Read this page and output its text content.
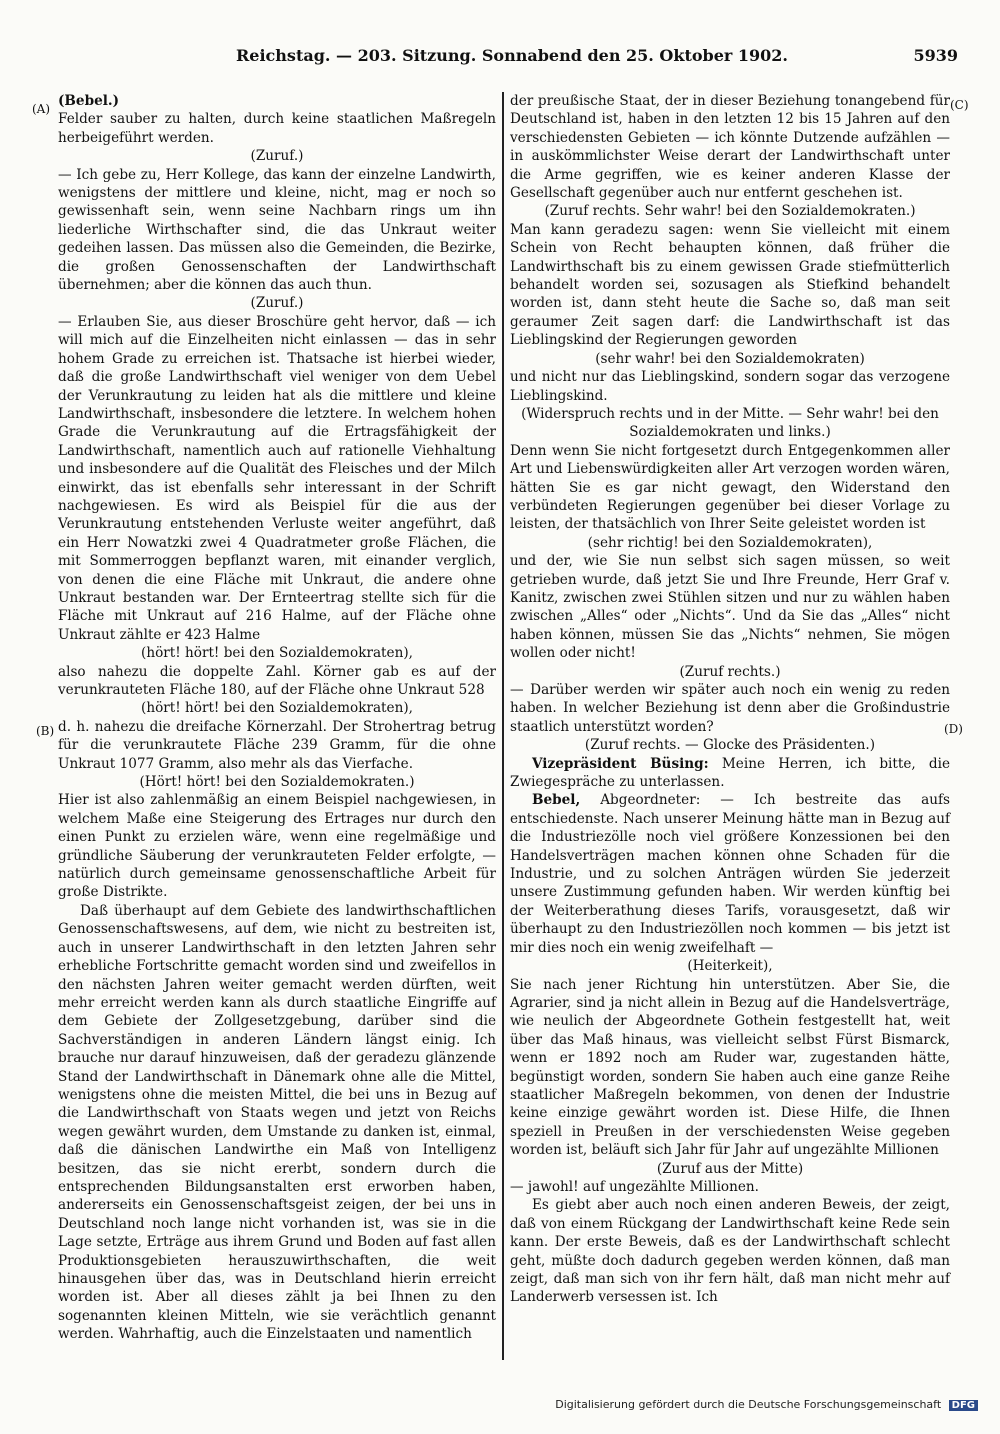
Reichstag. — 203. Sitzung. Sonnabend den 25. Oktober 1902.	5939
(A)
(B)
(C)
(D)

(Bebel.)

Felder sauber zu halten, durch keine staatlichen Maßregeln herbeigeführt werden.

(Zuruf.)

— Ich gebe zu, Herr Kollege, das kann der einzelne Landwirth, wenigstens der mittlere und kleine, nicht, mag er noch so gewissenhaft sein, wenn seine Nachbarn rings um ihn liederliche Wirthschafter sind, die das Unkraut weiter gedeihen lassen. Das müssen also die Gemeinden, die Bezirke, die großen Genossenschaften der Landwirthschaft übernehmen; aber die können das auch thun.

(Zuruf.)

— Erlauben Sie, aus dieser Broschüre geht hervor, daß — ich will mich auf die Einzelheiten nicht einlassen — das in sehr hohem Grade zu erreichen ist. Thatsache ist hierbei wieder, daß die große Landwirthschaft viel weniger von dem Uebel der Verunkrautung zu leiden hat als die mittlere und kleine Landwirthschaft, insbesondere die letztere. In welchem hohen Grade die Verunkrautung auf die Ertragsfähigkeit der Landwirthschaft, namentlich auch auf rationelle Viehhaltung und insbesondere auf die Qualität des Fleisches und der Milch einwirkt, das ist ebenfalls sehr interessant in der Schrift nachgewiesen. Es wird als Beispiel für die aus der Verunkrautung entstehenden Verluste weiter angeführt, daß ein Herr Nowatzki zwei 4 Quadratmeter große Flächen, die mit Sommerroggen bepflanzt waren, mit einander verglich, von denen die eine Fläche mit Unkraut, die andere ohne Unkraut bestanden war. Der Ernteertrag stellte sich für die Fläche mit Unkraut auf 216 Halme, auf der Fläche ohne Unkraut zählte er 423 Halme

(hört! hört! bei den Sozialdemokraten),

also nahezu die doppelte Zahl. Körner gab es auf der verunkrauteten Fläche 180, auf der Fläche ohne Unkraut 528

(hört! hört! bei den Sozialdemokraten),

d. h. nahezu die dreifache Körnerzahl. Der Strohertrag betrug für die verunkrautete Fläche 239 Gramm, für die ohne Unkraut 1077 Gramm, also mehr als das Vierfache.

(Hört! hört! bei den Sozialdemokraten.)

Hier ist also zahlenmäßig an einem Beispiel nachgewiesen, in welchem Maße eine Steigerung des Ertrages nur durch den einen Punkt zu erzielen wäre, wenn eine regelmäßige und gründliche Säuberung der verunkrauteten Felder erfolgte, — natürlich durch gemeinsame genossenschaftliche Arbeit für große Distrikte.

Daß überhaupt auf dem Gebiete des landwirthschaftlichen Genossenschaftswesens, auf dem, wie nicht zu bestreiten ist, auch in unserer Landwirthschaft in den letzten Jahren sehr erhebliche Fortschritte gemacht worden sind und zweifellos in den nächsten Jahren weiter gemacht werden dürften, weit mehr erreicht werden kann als durch staatliche Eingriffe auf dem Gebiete der Zollgesetzgebung, darüber sind die Sachverständigen in anderen Ländern längst einig. Ich brauche nur darauf hinzuweisen, daß der geradezu glänzende Stand der Landwirthschaft in Dänemark ohne alle die Mittel, wenigstens ohne die meisten Mittel, die bei uns in Bezug auf die Landwirthschaft von Staats wegen und jetzt von Reichs wegen gewährt wurden, dem Umstande zu danken ist, einmal, daß die dänischen Landwirthe ein Maß von Intelligenz besitzen, das sie nicht ererbt, sondern durch die entsprechenden Bildungsanstalten erst erworben haben, andererseits ein Genossenschaftsgeist zeigen, der bei uns in Deutschland noch lange nicht vorhanden ist, was sie in die Lage setzte, Erträge aus ihrem Grund und Boden auf fast allen Produktionsgebieten herauszuwirthschaften, die weit hinausgehen über das, was in Deutschland hierin erreicht worden ist. Aber all dieses zählt ja bei Ihnen zu den sogenannten kleinen Mitteln, wie sie verächtlich genannt werden. Wahrhaftig, auch die Einzelstaaten und namentlich

der preußische Staat, der in dieser Beziehung tonangebend für Deutschland ist, haben in den letzten 12 bis 15 Jahren auf den verschiedensten Gebieten — ich könnte Dutzende aufzählen — in auskömmlichster Weise derart der Landwirthschaft unter die Arme gegriffen, wie es keiner anderen Klasse der Gesellschaft gegenüber auch nur entfernt geschehen ist.

(Zuruf rechts. Sehr wahr! bei den Sozialdemokraten.)

Man kann geradezu sagen: wenn Sie vielleicht mit einem Schein von Recht behaupten können, daß früher die Landwirthschaft bis zu einem gewissen Grade stiefmütterlich behandelt worden sei, sozusagen als Stiefkind behandelt worden ist, dann steht heute die Sache so, daß man seit geraumer Zeit sagen darf: die Landwirthschaft ist das Lieblingskind der Regierungen geworden

(sehr wahr! bei den Sozialdemokraten)

und nicht nur das Lieblingskind, sondern sogar das verzogene Lieblingskind.

(Widerspruch rechts und in der Mitte. — Sehr wahr! bei den Sozialdemokraten und links.)

Denn wenn Sie nicht fortgesetzt durch Entgegenkommen aller Art und Liebenswürdigkeiten aller Art verzogen worden wären, hätten Sie es gar nicht gewagt, den Widerstand den verbündeten Regierungen gegenüber bei dieser Vorlage zu leisten, der thatsächlich von Ihrer Seite geleistet worden ist

(sehr richtig! bei den Sozialdemokraten),

und der, wie Sie nun selbst sich sagen müssen, so weit getrieben wurde, daß jetzt Sie und Ihre Freunde, Herr Graf v. Kanitz, zwischen zwei Stühlen sitzen und nur zu wählen haben zwischen „Alles“ oder „Nichts“. Und da Sie das „Alles“ nicht haben können, müssen Sie das „Nichts“ nehmen, Sie mögen wollen oder nicht!

(Zuruf rechts.)

— Darüber werden wir später auch noch ein wenig zu reden haben. In welcher Beziehung ist denn aber die Großindustrie staatlich unterstützt worden?

(Zuruf rechts. — Glocke des Präsidenten.)

Vizepräsident Büsing: Meine Herren, ich bitte, die Zwiegespräche zu unterlassen.

Bebel, Abgeordneter: — Ich bestreite das aufs entschiedenste. Nach unserer Meinung hätte man in Bezug auf die Industriezölle noch viel größere Konzessionen bei den Handelsverträgen machen können ohne Schaden für die Industrie, und zu solchen Anträgen würden Sie jederzeit unsere Zustimmung gefunden haben. Wir werden künftig bei der Weiterberathung dieses Tarifs, vorausgesetzt, daß wir überhaupt zu den Industriezöllen noch kommen — bis jetzt ist mir dies noch ein wenig zweifelhaft —

(Heiterkeit),

Sie nach jener Richtung hin unterstützen. Aber Sie, die Agrarier, sind ja nicht allein in Bezug auf die Handelsverträge, wie neulich der Abgeordnete Gothein festgestellt hat, weit über das Maß hinaus, was vielleicht selbst Fürst Bismarck, wenn er 1892 noch am Ruder war, zugestanden hätte, begünstigt worden, sondern Sie haben auch eine ganze Reihe staatlicher Maßregeln bekommen, von denen der Industrie keine einzige gewährt worden ist. Diese Hilfe, die Ihnen speziell in Preußen in der verschiedensten Weise gegeben worden ist, beläuft sich Jahr für Jahr auf ungezählte Millionen

(Zuruf aus der Mitte)

— jawohl! auf ungezählte Millionen.

Es giebt aber auch noch einen anderen Beweis, der zeigt, daß von einem Rückgang der Landwirthschaft keine Rede sein kann. Der erste Beweis, daß es der Landwirthschaft schlecht geht, müßte doch dadurch gegeben werden können, daß man zeigt, daß man sich von ihr fern hält, daß man nicht mehr auf Landerwerb versessen ist. Ich

Digitalisierung gefördert durch die Deutsche Forschungsgemeinschaft DFG
